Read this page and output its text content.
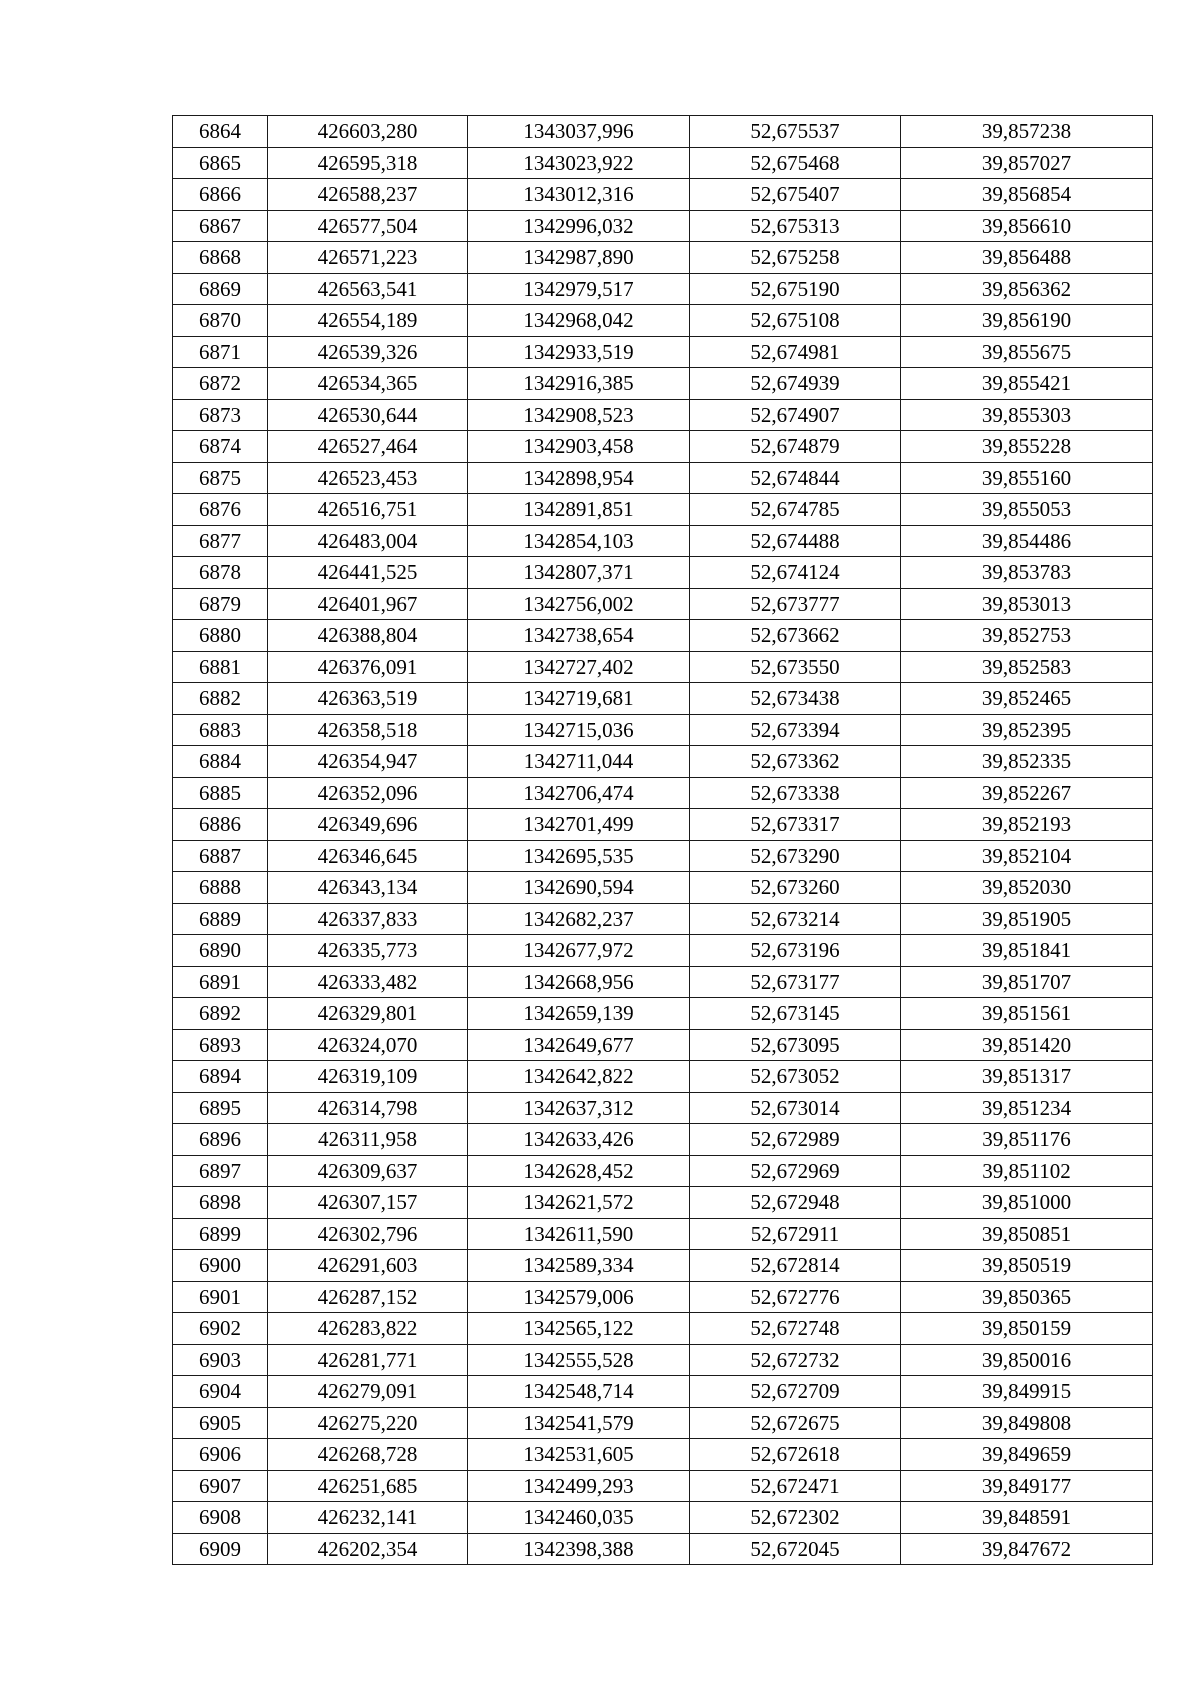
6864	426603,280	1343037,996	52,675537	39,857238
6865	426595,318	1343023,922	52,675468	39,857027
6866	426588,237	1343012,316	52,675407	39,856854
6867	426577,504	1342996,032	52,675313	39,856610
6868	426571,223	1342987,890	52,675258	39,856488
6869	426563,541	1342979,517	52,675190	39,856362
6870	426554,189	1342968,042	52,675108	39,856190
6871	426539,326	1342933,519	52,674981	39,855675
6872	426534,365	1342916,385	52,674939	39,855421
6873	426530,644	1342908,523	52,674907	39,855303
6874	426527,464	1342903,458	52,674879	39,855228
6875	426523,453	1342898,954	52,674844	39,855160
6876	426516,751	1342891,851	52,674785	39,855053
6877	426483,004	1342854,103	52,674488	39,854486
6878	426441,525	1342807,371	52,674124	39,853783
6879	426401,967	1342756,002	52,673777	39,853013
6880	426388,804	1342738,654	52,673662	39,852753
6881	426376,091	1342727,402	52,673550	39,852583
6882	426363,519	1342719,681	52,673438	39,852465
6883	426358,518	1342715,036	52,673394	39,852395
6884	426354,947	1342711,044	52,673362	39,852335
6885	426352,096	1342706,474	52,673338	39,852267
6886	426349,696	1342701,499	52,673317	39,852193
6887	426346,645	1342695,535	52,673290	39,852104
6888	426343,134	1342690,594	52,673260	39,852030
6889	426337,833	1342682,237	52,673214	39,851905
6890	426335,773	1342677,972	52,673196	39,851841
6891	426333,482	1342668,956	52,673177	39,851707
6892	426329,801	1342659,139	52,673145	39,851561
6893	426324,070	1342649,677	52,673095	39,851420
6894	426319,109	1342642,822	52,673052	39,851317
6895	426314,798	1342637,312	52,673014	39,851234
6896	426311,958	1342633,426	52,672989	39,851176
6897	426309,637	1342628,452	52,672969	39,851102
6898	426307,157	1342621,572	52,672948	39,851000
6899	426302,796	1342611,590	52,672911	39,850851
6900	426291,603	1342589,334	52,672814	39,850519
6901	426287,152	1342579,006	52,672776	39,850365
6902	426283,822	1342565,122	52,672748	39,850159
6903	426281,771	1342555,528	52,672732	39,850016
6904	426279,091	1342548,714	52,672709	39,849915
6905	426275,220	1342541,579	52,672675	39,849808
6906	426268,728	1342531,605	52,672618	39,849659
6907	426251,685	1342499,293	52,672471	39,849177
6908	426232,141	1342460,035	52,672302	39,848591
6909	426202,354	1342398,388	52,672045	39,847672
